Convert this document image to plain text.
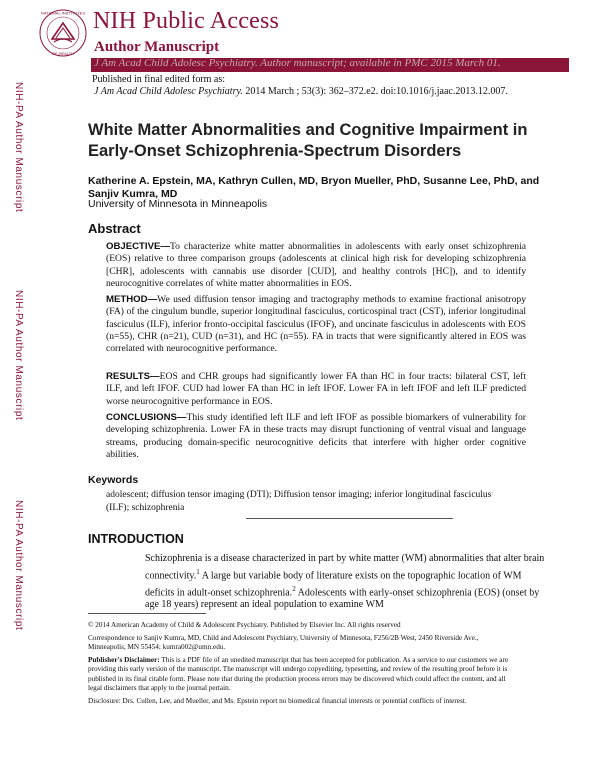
NATIONAL INSTITUTES
OF HEALTH
NIH Public Access
Author Manuscript
J Am Acad Child Adolesc Psychiatry. Author manuscript; available in PMC 2015 March 01.
Published in final edited form as:
J Am Acad Child Adolesc Psychiatry. 2014 March ; 53(3): 362–372.e2. doi:10.1016/j.jaac.2013.12.007.
NIH-PA Author Manuscript
NIH-PA Author Manuscript
NIH-PA Author Manuscript
White Matter Abnormalities and Cognitive Impairment in Early-Onset Schizophrenia-Spectrum Disorders
Katherine A. Epstein, MA, Kathryn Cullen, MD, Bryon Mueller, PhD, Susanne Lee, PhD, and Sanjiv Kumra, MD
University of Minnesota in Minneapolis
Abstract
OBJECTIVE—To characterize white matter abnormalities in adolescents with early onset schizophrenia (EOS) relative to three comparison groups (adolescents at clinical high risk for developing schizophrenia [CHR], adolescents with cannabis use disorder [CUD], and healthy controls [HC]), and to identify neurocognitive correlates of white matter abnormalities in EOS.
METHOD—We used diffusion tensor imaging and tractography methods to examine fractional anisotropy (FA) of the cingulum bundle, superior longitudinal fasciculus, corticospinal tract (CST), inferior longitudinal fasciculus (ILF), inferior fronto-occipital fasciculus (IFOF), and uncinate fasciculus in adolescents with EOS (n=55), CHR (n=21), CUD (n=31), and HC (n=55). FA in tracts that were significantly altered in EOS was correlated with neurocognitive performance.
RESULTS—EOS and CHR groups had significantly lower FA than HC in four tracts: bilateral CST, left ILF, and left IFOF. CUD had lower FA than HC in left IFOF. Lower FA in left IFOF and left ILF predicted worse neurocognitive performance in EOS.
CONCLUSIONS—This study identified left ILF and left IFOF as possible biomarkers of vulnerability for developing schizophrenia. Lower FA in these tracts may disrupt functioning of ventral visual and language streams, producing domain-specific neurocognitive deficits that interfere with higher order cognitive abilities.
Keywords
adolescent; diffusion tensor imaging (DTI); Diffusion tensor imaging; inferior longitudinal fasciculus (ILF); schizophrenia
INTRODUCTION
Schizophrenia is a disease characterized in part by white matter (WM) abnormalities that alter brain connectivity.$^1$ A large but variable body of literature exists on the topographic location of WM deficits in adult-onset schizophrenia.$^2$ Adolescents with early-onset schizophrenia (EOS) (onset by age 18 years) represent an ideal population to examine WM
© 2014 American Academy of Child & Adolescent Psychiatry. Published by Elsevier Inc. All rights reserved
Correspondence to Sanjiv Kumra, MD, Child and Adolescent Psychiatry, University of Minnesota, F256/2B West, 2450 Riverside Ave., Minneapolis, MN 55454; kumra002@umn.edu.
Publisher's Disclaimer: This is a PDF file of an unedited manuscript that has been accepted for publication. As a service to our customers we are providing this early version of the manuscript. The manuscript will undergo copyediting, typesetting, and review of the resulting proof before it is published in its final citable form. Please note that during the production process errors may be discovered which could affect the content, and all legal disclaimers that apply to the journal pertain.
Disclosure: Drs. Cullen, Lee, and Mueller, and Ms. Epstein report no biomedical financial interests or potential conflicts of interest.
